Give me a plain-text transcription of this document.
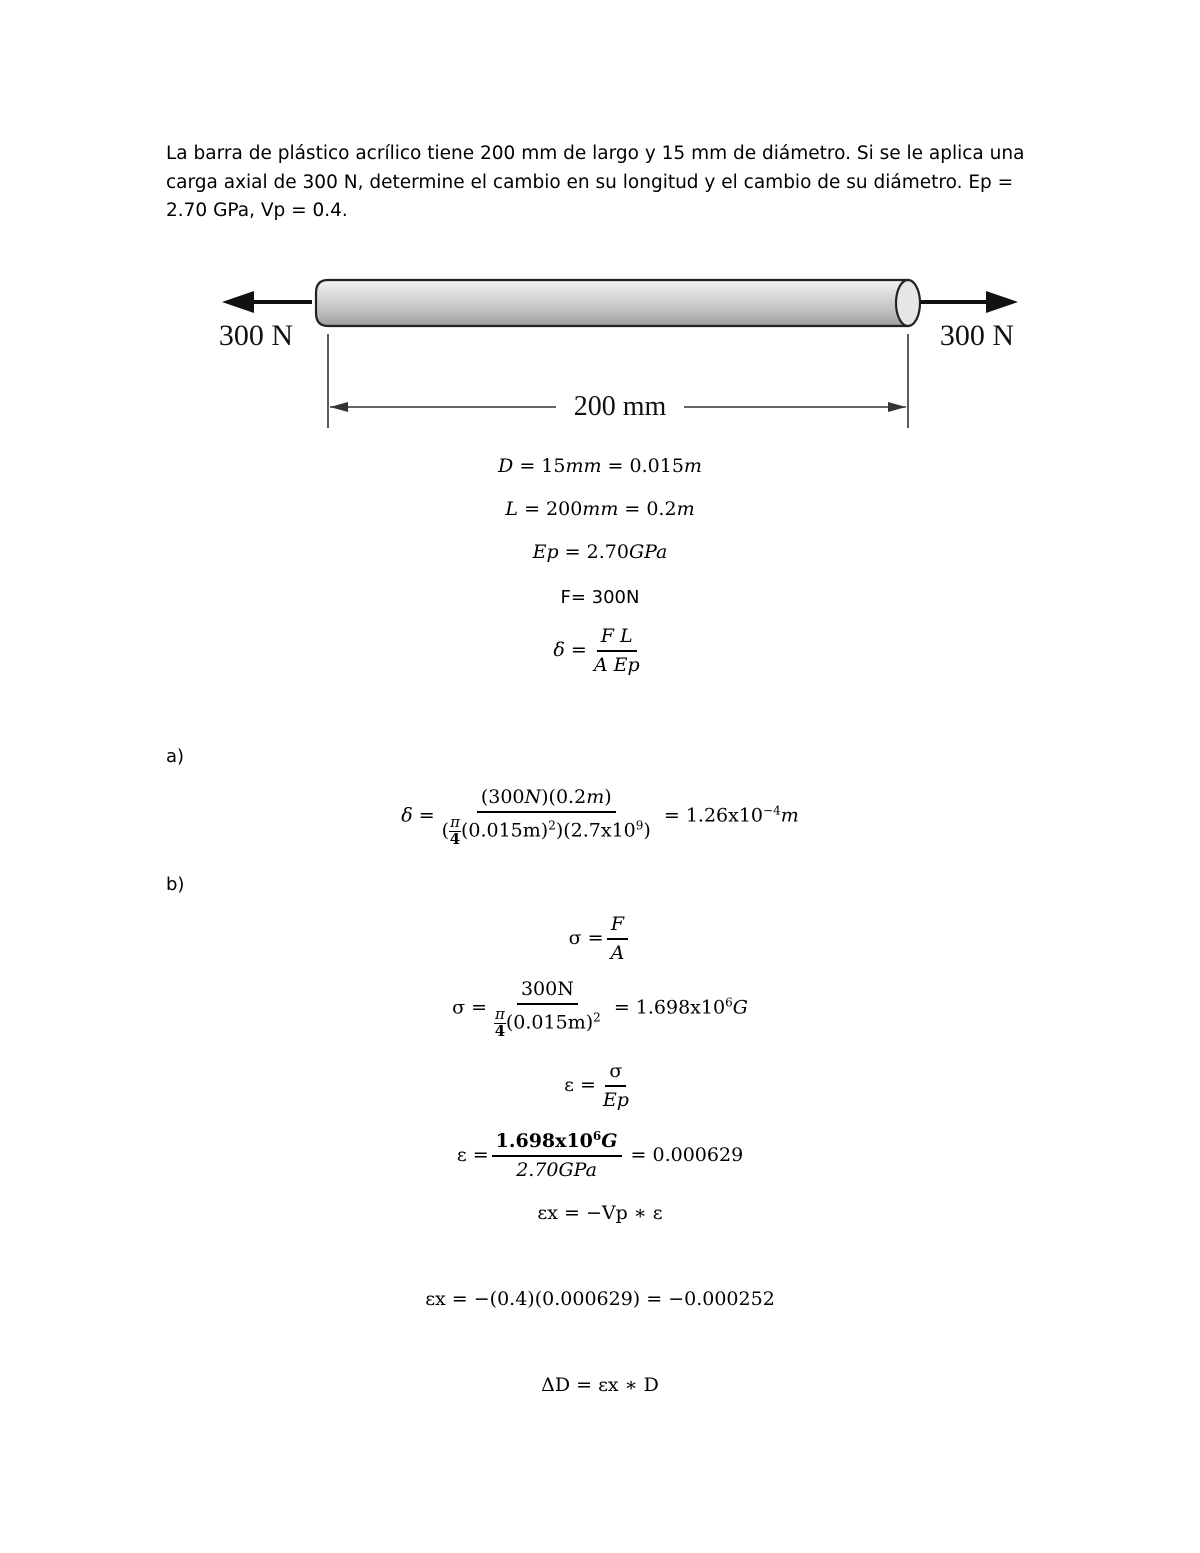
La barra de plástico acrílico tiene 200 mm de largo y 15 mm de diámetro. Si se le aplica una carga axial de 300 N, determine el cambio en su longitud y el cambio de su diámetro. Ep = 2.70 GPa, Vp = 0.4.

300 N	300 N
200 mm
D = 15mm = 0.015m
L = 200mm = 0.2m
Ep = 2.70GPa
F= 300N
$\delta = \frac{\text{F L}}{\text{A Ep}}$
a)
$\delta = \frac{(300N)(0.2m)}{( \frac{\pi}{4} (0.015m)^2)(2.7x10^9)} = 1.26x10^{-4}m$
b)
$\sigma = \frac{F}{A}$
$\sigma = \frac{300N}{\frac{\pi}{4} (0.015m)^2} = 1.698x10^6G$
$\varepsilon = \frac{\sigma}{Ep}$
$\varepsilon = \frac{1.698x10^6G}{\text{2.70GPa}} = 0.000629$
εx = −Vp ∗ ε
εx = −(0.4)(0.000629) = −0.000252
ΔD = εx ∗ D
